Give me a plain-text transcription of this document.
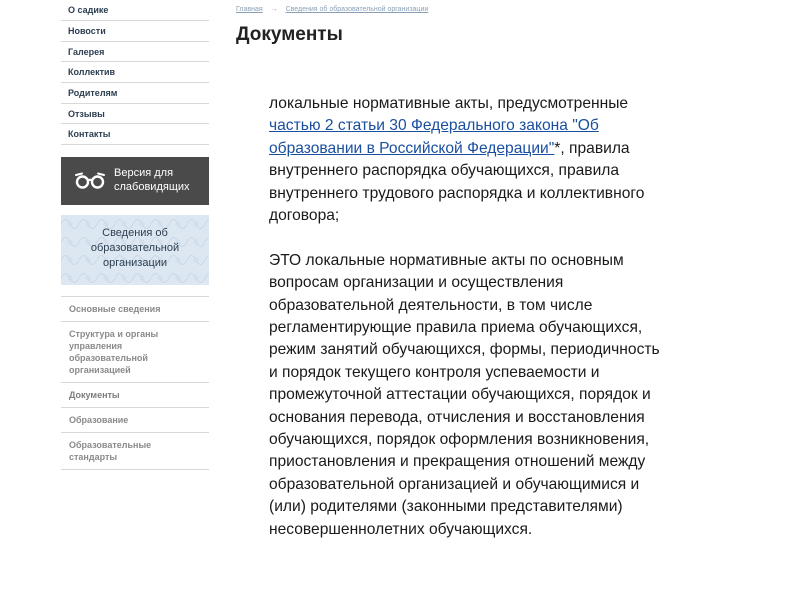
О садике
Новости
Галерея
Коллектив
Родителям
Отзывы
Контакты
Версия для
слабовидящих
Сведения об
образовательной
организации
Основные сведения
Структура и органы
управления
образовательной
организацией
Документы
Образование
Образовательные
стандарты
Главная → Сведения об образовательной организации
Документы

локальные нормативные акты, предусмотренные
частью 2 статьи 30 Федерального закона "Об
образовании в Российской Федерации"*, правила
внутреннего распорядка обучающихся, правила
внутреннего трудового распорядка и коллективного
договора;

ЭТО локальные нормативные акты по основным
вопросам организации и осуществления
образовательной деятельности, в том числе
регламентирующие правила приема обучающихся,
режим занятий обучающихся, формы, периодичность
и порядок текущего контроля успеваемости и
промежуточной аттестации обучающихся, порядок и
основания перевода, отчисления и восстановления
обучающихся, порядок оформления возникновения,
приостановления и прекращения отношений между
образовательной организацией и обучающимися и
(или) родителями (законными представителями)
несовершеннолетних обучающихся.
